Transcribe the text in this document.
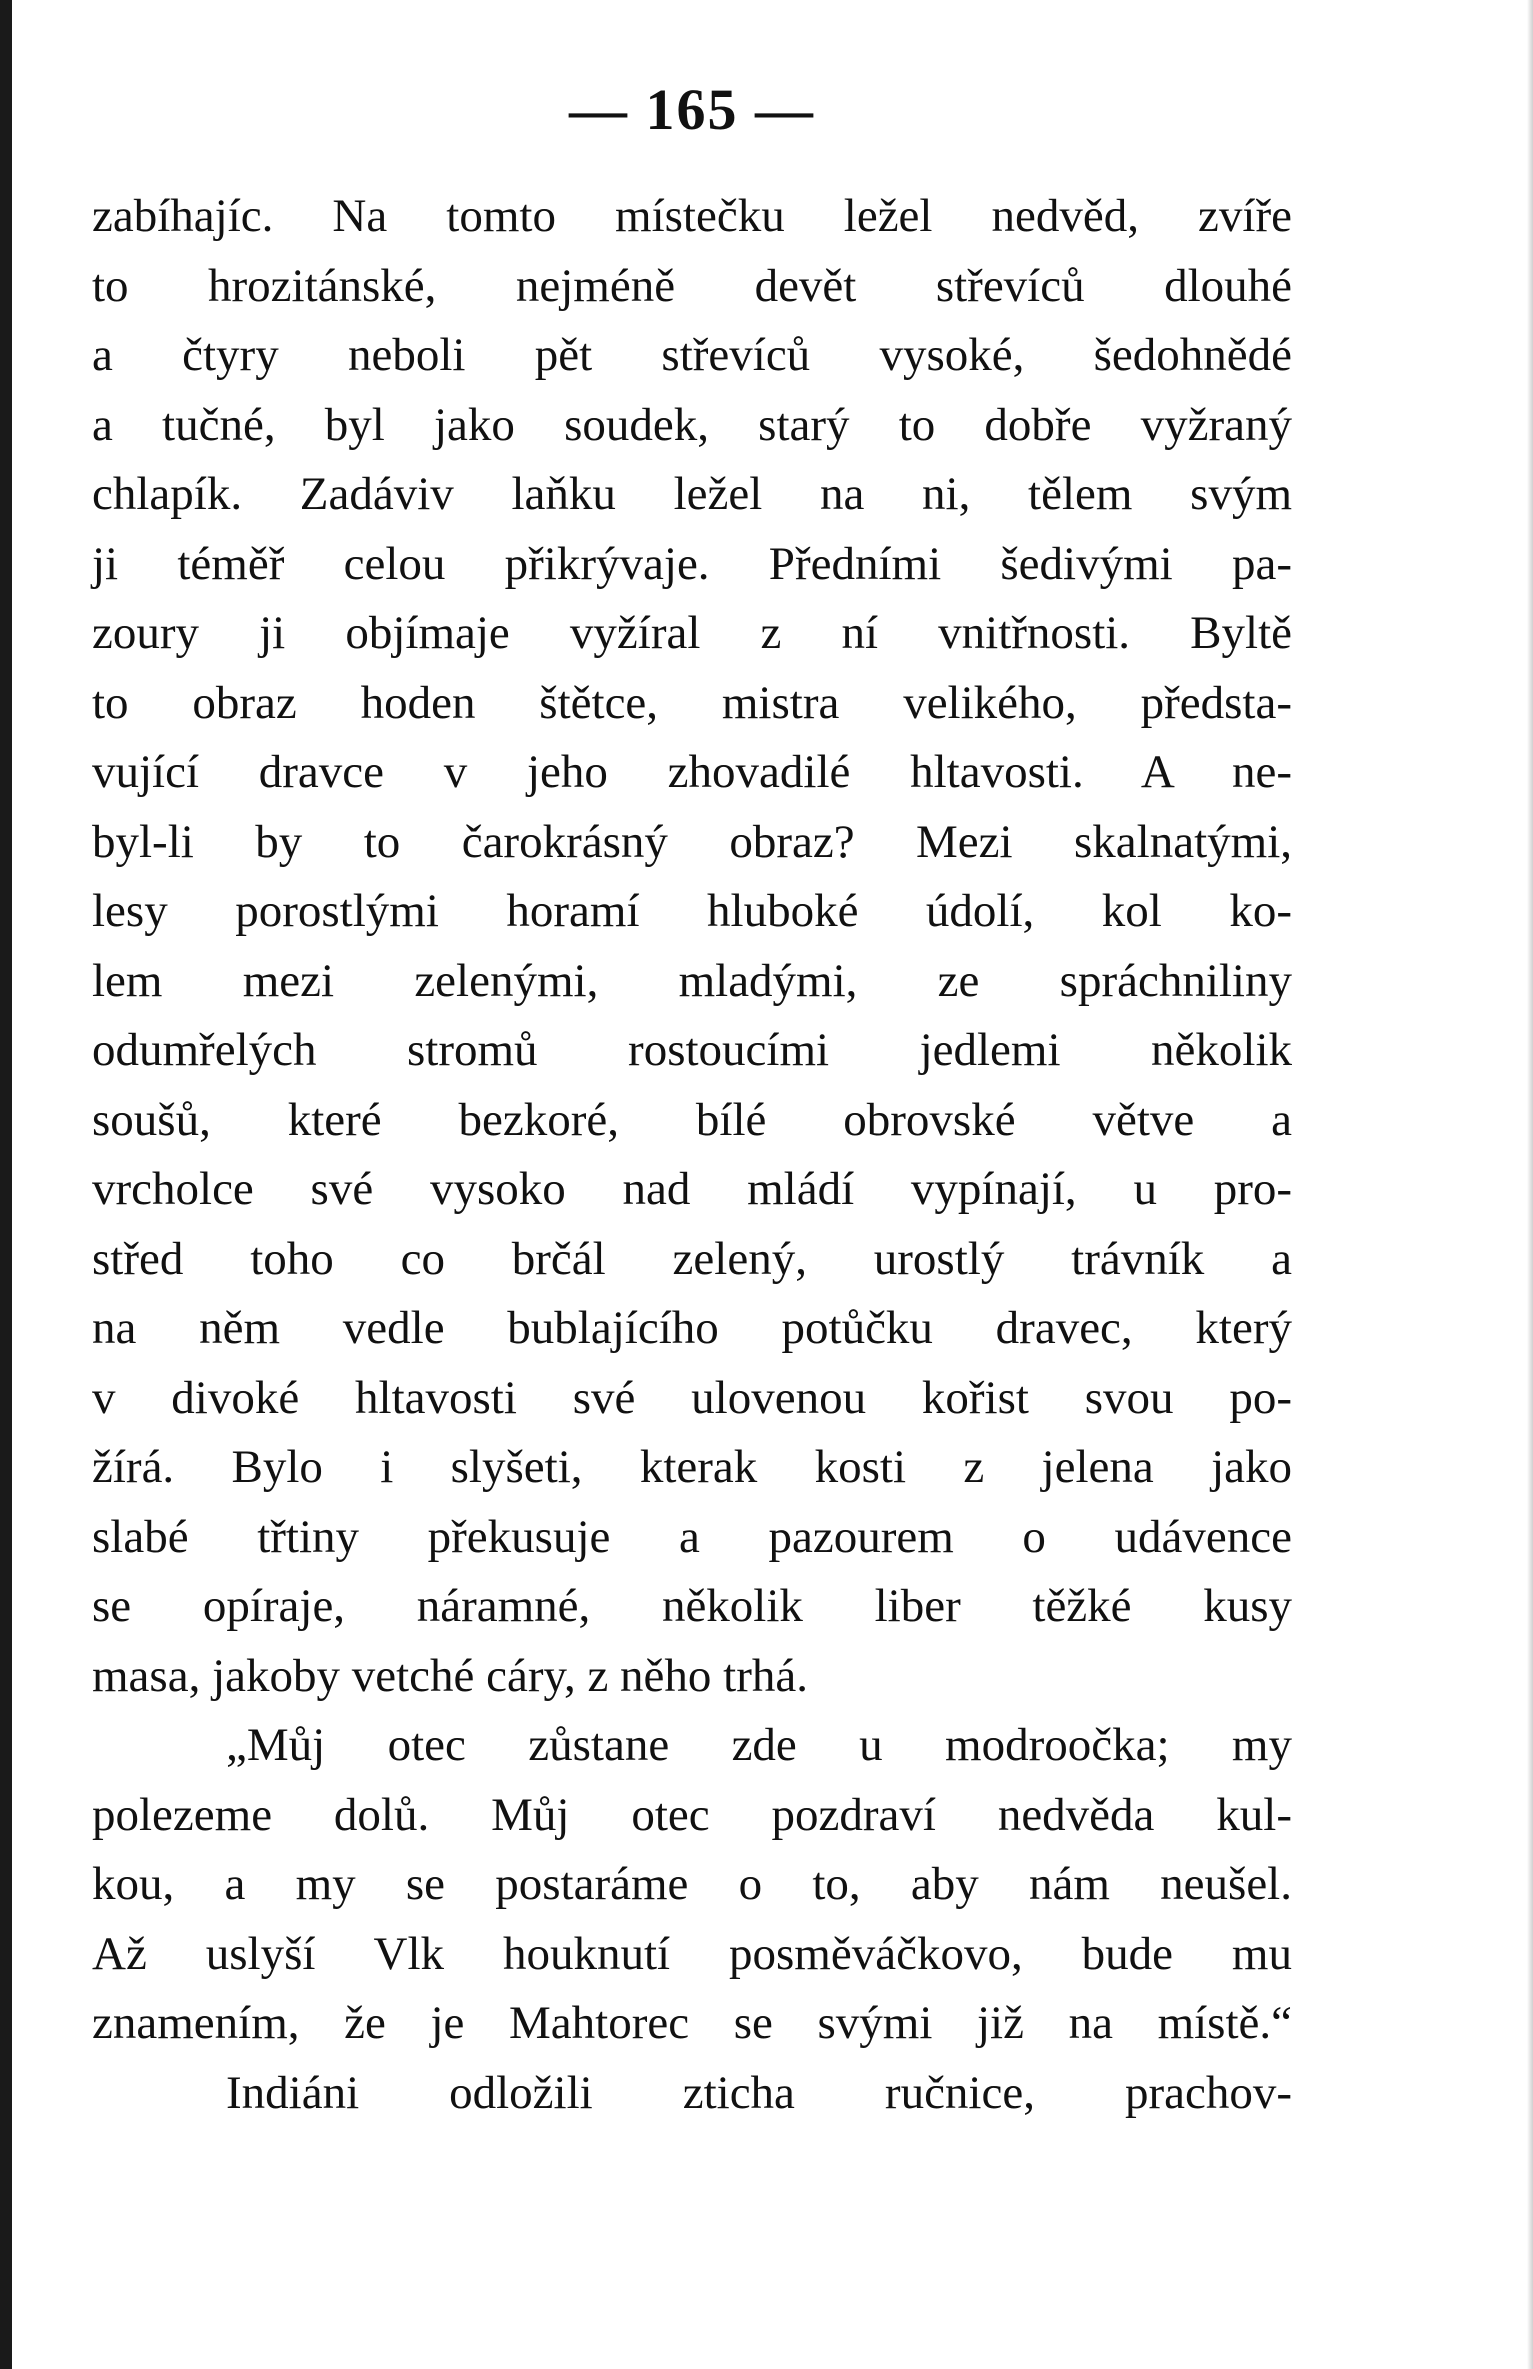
— 165 —
zabíhajíc. Na tomto místečku ležel nedvěd, zvíře
to hrozitánské, nejméně devět střevíců dlouhé
a čtyry neboli pět střevíců vysoké, šedohnědé
a tučné, byl jako soudek, starý to dobře vyžraný
chlapík. Zadáviv laňku ležel na ni, tělem svým
ji téměř celou přikrývaje. Předními šedivými pa-
zoury ji objímaje vyžíral z ní vnitřnosti. Byltě
to obraz hoden štětce, mistra velikého, předsta-
vující dravce v jeho zhovadilé hltavosti. A ne-
byl-li by to čarokrásný obraz? Mezi skalnatými,
lesy porostlými horamí hluboké údolí, kol ko-
lem mezi zelenými, mladými, ze spráchniliny
odumřelých stromů rostoucími jedlemi několik
soušů, které bezkoré, bílé obrovské větve a
vrcholce své vysoko nad mládí vypínají, u pro-
střed toho co brčál zelený, urostlý trávník a
na něm vedle bublajícího potůčku dravec, který
v divoké hltavosti své ulovenou kořist svou po-
žírá. Bylo i slyšeti, kterak kosti z jelena jako
slabé třtiny překusuje a pazourem o udávence
se opíraje, náramné, několik liber těžké kusy
masa, jakoby vetché cáry, z něho trhá.
„Můj otec zůstane zde u modroočka; my
polezeme dolů. Můj otec pozdraví nedvěda kul-
kou, a my se postaráme o to, aby nám neušel.
Až uslyší Vlk houknutí posměváčkovo, bude mu
znamením, že je Mahtorec se svými již na místě.“
Indiáni odložili zticha ručnice, prachov-
